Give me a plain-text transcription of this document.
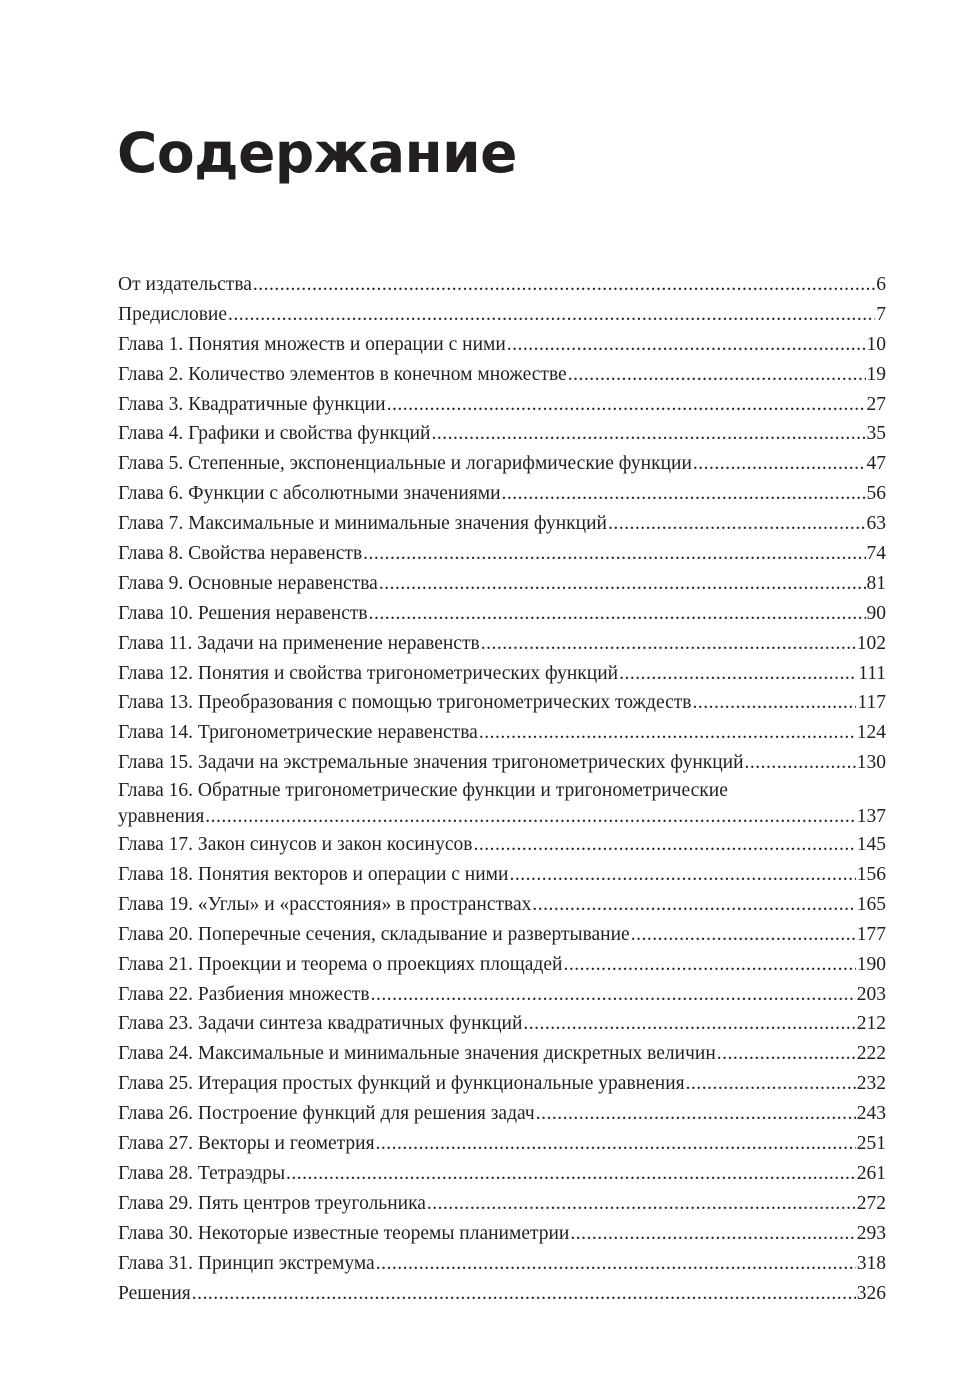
Содержание
От издательства .....	6
Предисловие .....	7
Глава 1. Понятия множеств и операции с ними .....	10
Глава 2. Количество элементов в конечном множестве .....	19
Глава 3. Квадратичные функции .....	27
Глава 4. Графики и свойства функций .....	35
Глава 5. Степенные, экспоненциальные и логарифмические функции .....	47
Глава 6. Функции с абсолютными значениями .....	56
Глава 7. Максимальные и минимальные значения функций .....	63
Глава 8. Свойства неравенств .....	74
Глава 9. Основные неравенства .....	81
Глава 10. Решения неравенств .....	90
Глава 11. Задачи на применение неравенств .....	102
Глава 12. Понятия и свойства тригонометрических функций .....	111
Глава 13. Преобразования с помощью тригонометрических тождеств .....	117
Глава 14. Тригонометрические неравенства .....	124
Глава 15. Задачи на экстремальные значения тригонометрических функций .....	130
Глава 16. Обратные тригонометрические функции и тригонометрические
уравнения .....	137
Глава 17. Закон синусов и закон косинусов .....	145
Глава 18. Понятия векторов и операции с ними .....	156
Глава 19. «Углы» и «расстояния» в пространствах .....	165
Глава 20. Поперечные сечения, складывание и развертывание .....	177
Глава 21. Проекции и теорема о проекциях площадей .....	190
Глава 22. Разбиения множеств .....	203
Глава 23. Задачи синтеза квадратичных функций .....	212
Глава 24. Максимальные и минимальные значения дискретных величин .....	222
Глава 25. Итерация простых функций и функциональные уравнения .....	232
Глава 26. Построение функций для решения задач .....	243
Глава 27. Векторы и геометрия .....	251
Глава 28. Тетраэдры .....	261
Глава 29. Пять центров треугольника .....	272
Глава 30. Некоторые известные теоремы планиметрии .....	293
Глава 31. Принцип экстремума .....	318
Решения .....	326
